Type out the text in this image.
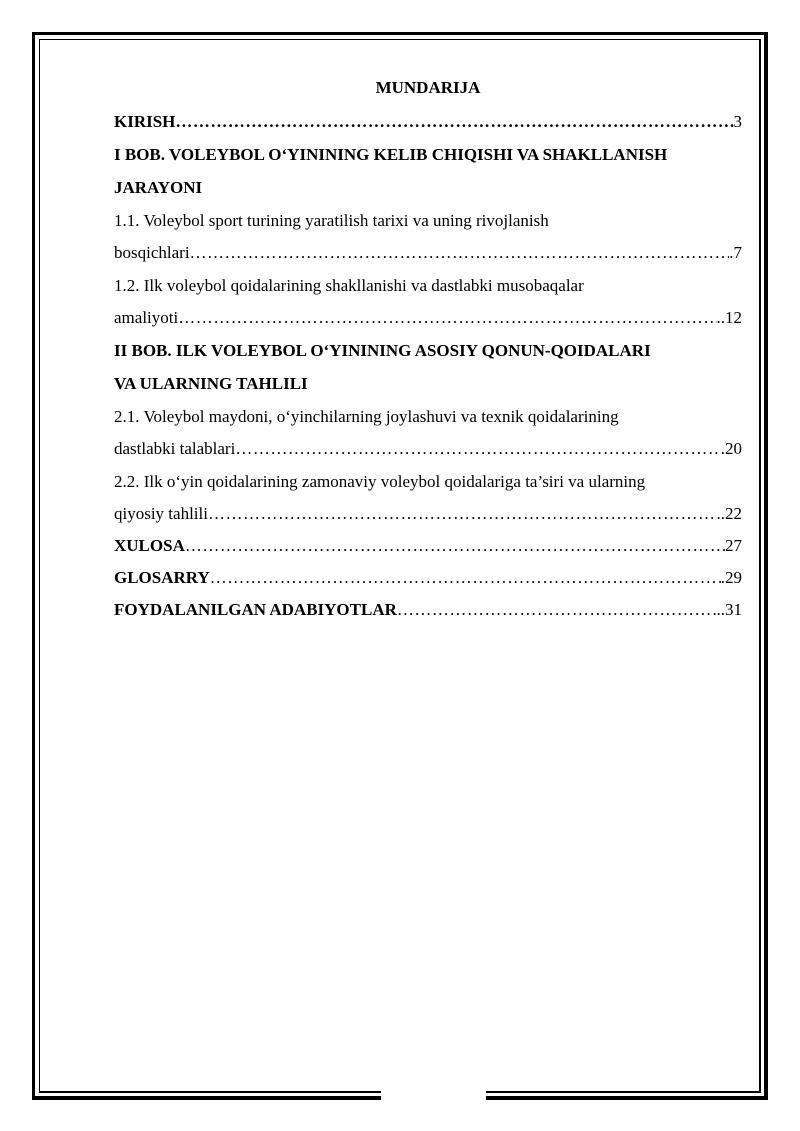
MUNDARIJA
KIRISH ……………………………………………………………………………………………………………………………………………	3
I BOB. VOLEYBOL O‘YININING KELIB CHIQISHI VA SHAKLLANISH
JARAYONI
1.1. Voleybol sport turining yaratilish tarixi va uning rivojlanish
bosqichlari ……………………………………………………………………………………………………………………………………………	.7
1.2. Ilk voleybol qoidalarining shakllanishi va dastlabki musobaqalar
amaliyoti ……………………………………………………………………………………………………………………………………………	..12
II BOB. ILK VOLEYBOL O‘YININING ASOSIY QONUN-QOIDALARI
VA ULARNING TAHLILI
2.1. Voleybol maydoni, o‘yinchilarning joylashuvi va texnik qoidalarining
dastlabki talablari ……………………………………………………………………………………………………………………………………………	.20
2.2. Ilk o‘yin qoidalarining zamonaviy voleybol qoidalariga ta’siri va ularning
qiyosiy tahlili ……………………………………………………………………………………………………………………………………………	..22
XULOSA ……………………………………………………………………………………………………………………………………………	27
GLOSARRY ……………………………………………………………………………………………………………………………………………	.29
FOYDALANILGAN ADABIYOTLAR ……………………………………………………………………………………………………………………………………………	..31
